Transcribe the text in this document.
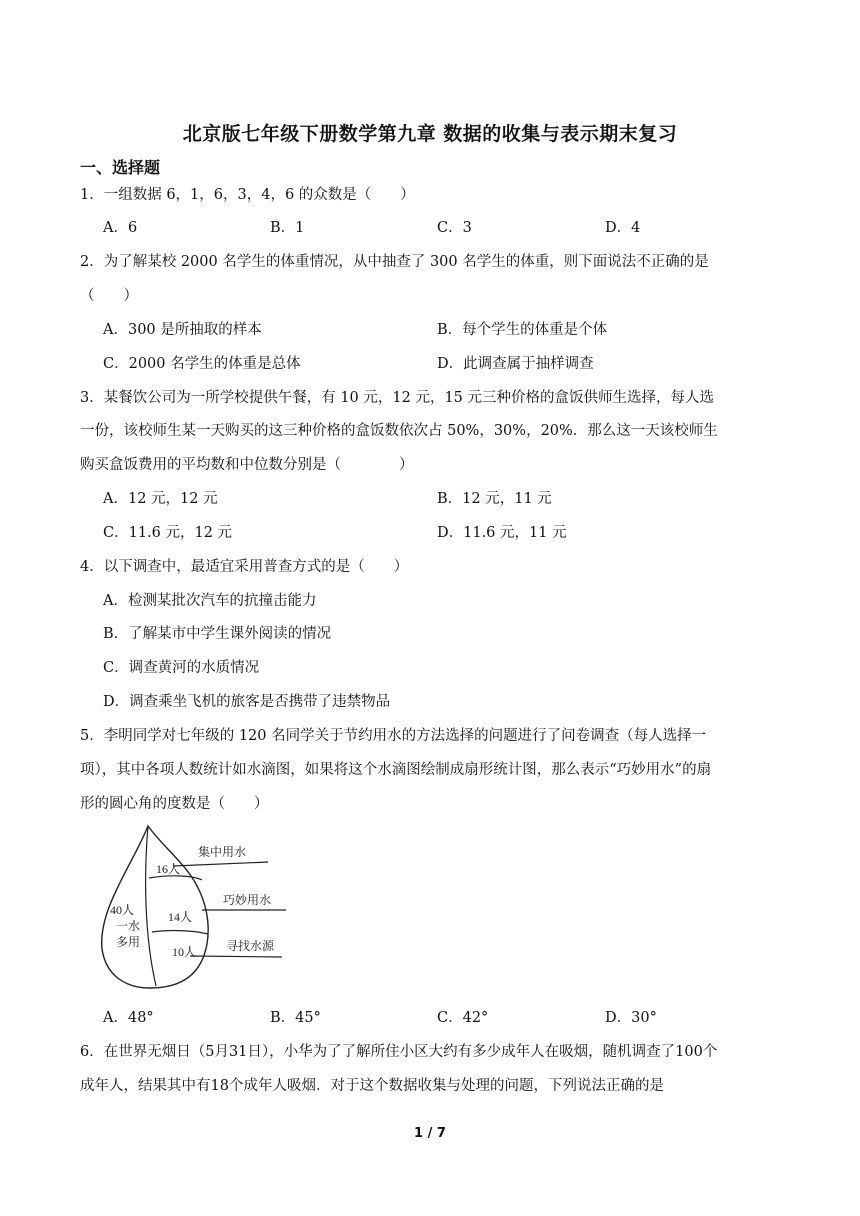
北京版七年级下册数学第九章 数据的收集与表示期末复习
一、选择题
1．一组数据 6，1，6，3，4，6 的众数是（　　）
A．6	B．1	C．3	D．4
2．为了解某校 2000 名学生的体重情况，从中抽查了 300 名学生的体重，则下面说法不正确的是
（　　）
A．300 是所抽取的样本	B．每个学生的体重是个体
C．2000 名学生的体重是总体	D．此调查属于抽样调查
3．某餐饮公司为一所学校提供午餐，有 10 元，12 元，15 元三种价格的盒饭供师生选择，每人选
一份，该校师生某一天购买的这三种价格的盒饭数依次占 50%，30%，20%．那么这一天该校师生
购买盒饭费用的平均数和中位数分别是（　　　　）
A．12 元，12 元	B．12 元，11 元
C．11.6 元，12 元	D．11.6 元，11 元
4．以下调查中，最适宜采用普查方式的是（　　）
A．检测某批次汽车的抗撞击能力
B．了解某市中学生课外阅读的情况
C．调查黄河的水质情况
D．调查乘坐飞机的旅客是否携带了违禁物品
5．李明同学对七年级的 120 名同学关于节约用水的方法选择的问题进行了问卷调查（每人选择一
项），其中各项人数统计如水滴图，如果将这个水滴图绘制成扇形统计图，那么表示“巧妙用水”的扇
形的圆心角的度数是（　　）
40人
一水
多用
16人
集中用水
14人
巧妙用水
10人 寻找水源
A．48°	B．45°	C．42°	D．30°
6．在世界无烟日（5月31日），小华为了了解所住小区大约有多少成年人在吸烟，随机调查了100个
成年人，结果其中有18个成年人吸烟．对于这个数据收集与处理的问题，下列说法正确的是
1 / 7
